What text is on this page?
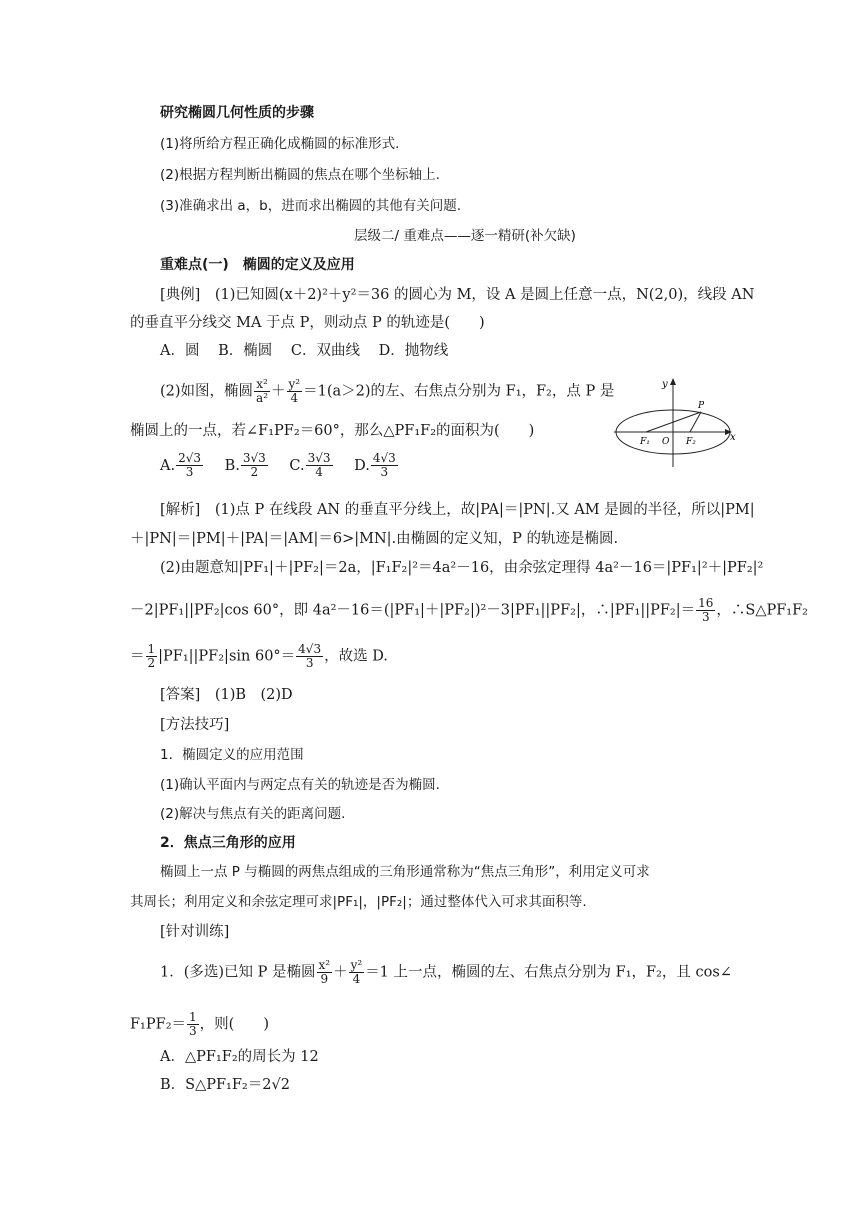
研究椭圆几何性质的步骤
(1)将所给方程正确化成椭圆的标准形式.
(2)根据方程判断出椭圆的焦点在哪个坐标轴上.
(3)准确求出 a，b，进而求出椭圆的其他有关问题.
层级二/ 重难点——逐一精研(补欠缺)
重难点(一)　椭圆的定义及应用
[典例]　 (1)已知圆(x＋2)²＋y²＝36 的圆心为 M，设 A 是圆上任意一点，N(2,0)，线段 AN
的垂直平分线交 MA 于点 P，则动点 P 的轨迹是(　　)
A．圆 B．椭圆 C．双曲线 D．抛物线
(2)如图，椭圆 $\frac{\text{x²}}{\text{a²}} + \frac{\text{y²}}{4} =1(a>2)$的左、右焦点分别为 F₁，F₂，点 P 是
椭圆上的一点，若∠F₁PF₂＝60°，那么△PF₁F₂的面积为(　　)
A. $\frac{2√3}{3} B$. $\frac{3√3}{2} C$. $\frac{3√3}{4} D$. $\frac{4√3}{3}$
x
y
O
F₁	F₂
P
[解析]　 (1)点 P 在线段 AN 的垂直平分线上，故|PA|＝|PN|.又 AM 是圆的半径，所以|PM|
＋|PN|＝|PM|＋|PA|＝|AM|＝6>|MN|.由椭圆的定义知，P 的轨迹是椭圆.
(2)由题意知|PF₁|＋|PF₂|＝2a，|F₁F₂|²＝4a²－16，由余弦定理得 4a²－16＝|PF₁|²＋|PF₂|²
－2|PF₁||PF₂|cos 60°，即 4a²－16＝(|PF₁|＋|PF₂|)²－3|PF₁||PF₂|，∴|PF₁||PF₂|＝ $\frac{16}{3}$ ，∴S△PF₁F₂
＝ $\frac{1}{2} |PF_1||PF_2|\sin$ $60^\circ= \frac{4√3}{3}$ ，故选 D.
[答案]　(1)B　(2)D
[方法技巧]
1．椭圆定义的应用范围
(1)确认平面内与两定点有关的轨迹是否为椭圆.
(2)解决与焦点有关的距离问题.
2．焦点三角形的应用
椭圆上一点 P 与椭圆的两焦点组成的三角形通常称为“焦点三角形”，利用定义可求
其周长；利用定义和余弦定理可求|PF₁|，|PF₂|；通过整体代入可求其面积等.
[针对训练]
1．(多选)已知 P 是椭圆 $\frac{\text{x²}}{9} + \frac{\text{y²}}{4} =1$ 上一点，椭圆的左、右焦点分别为 F₁，F₂，且 cos∠
$F_1PF_2= \frac{1}{3}$ ，则(　　)
A．△PF₁F₂的周长为 12
B．S△PF₁F₂＝2√2
